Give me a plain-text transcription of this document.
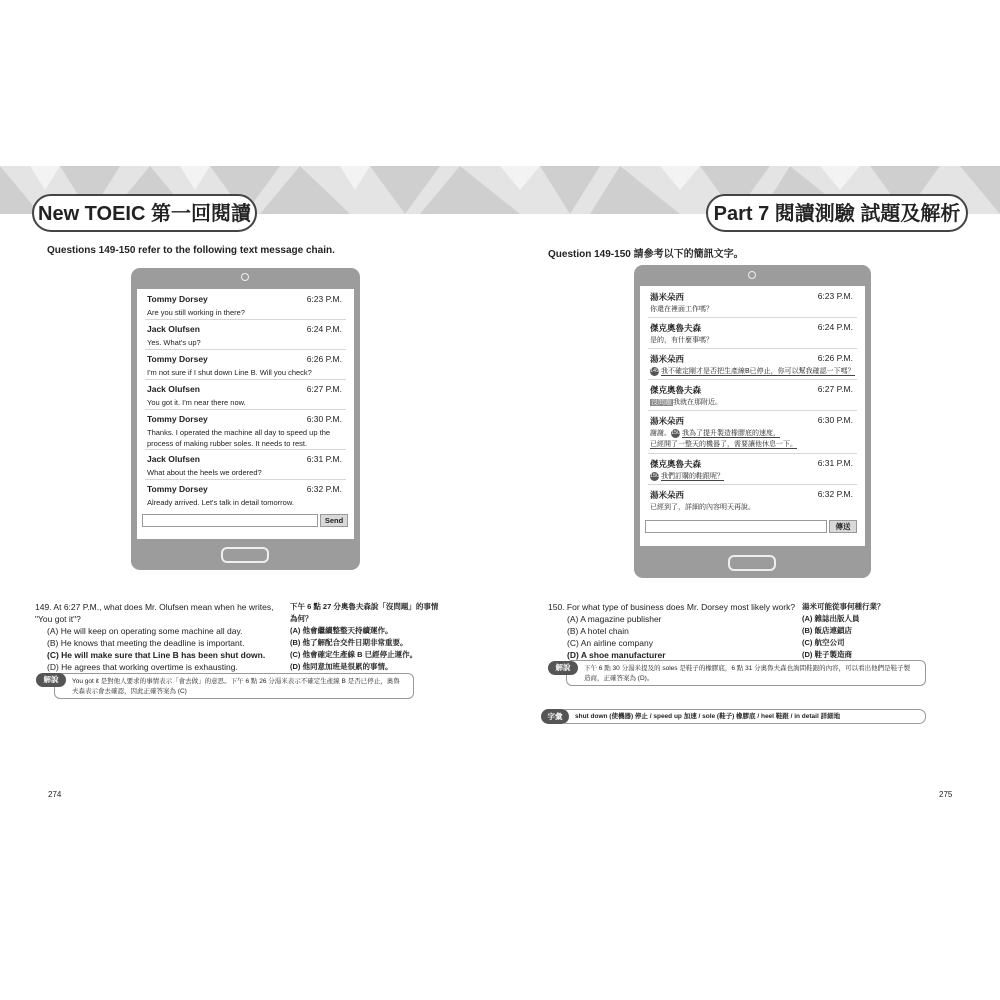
New TOEIC 第一回閱讀	Part 7 閱讀測驗 試題及解析
Questions 149-150 refer to the following text message chain.	Question 149-150 請參考以下的簡訊文字。
Tommy Dorsey	6:23 P.M.
Are you still working in there?
Jack Olufsen	6:24 P.M.
Yes. What's up?
Tommy Dorsey	6:26 P.M.
I'm not sure if I shut down Line B. Will you check?
Jack Olufsen	6:27 P.M.
You got it. I'm near there now.
Tommy Dorsey	6:30 P.M.
Thanks. I operated the machine all day to speed up the process of making rubber soles. It needs to rest.
Jack Olufsen	6:31 P.M.
What about the heels we ordered?
Tommy Dorsey	6:32 P.M.
Already arrived. Let's talk in detail tomorrow.
Send
湯米朵西	6:23 P.M.
你還在裡面工作嗎？
傑克奧魯夫森	6:24 P.M.
是的，有什麼事嗎？
湯米朵西	6:26 P.M.
149 我不確定剛才是否把生產線B已停止，你可以幫我確認一下嗎？
傑克奧魯夫森	6:27 P.M.
沒問題我就在那附近。
湯米朵西	6:30 P.M.
謝謝。150 我為了提升製造橡膠底的速度，
已經開了一整天的機器了，需要讓他休息一下。
傑克奧魯夫森	6:31 P.M.
150 我們訂購的鞋跟呢？
湯米朵西	6:32 P.M.
已經到了，詳細的內容明天再說。
傳送
149. At 6:27 P.M., what does Mr. Olufsen mean when he writes, "You got it"?
(A) He will keep on operating some machine all day.
(B) He knows that meeting the deadline is important.
(C) He will make sure that Line B has been shut down.
(D) He agrees that working overtime is exhausting.
下午 6 點 27 分奧魯夫森說「沒問題」的事情
為何？
(A) 他會繼續整整天持續運作。
(B) 他了解配合交件日期非常重要。
(C) 他會確定生產線 B 已經停止運作。
(D) 他同意加班是很累的事情。
You got it 是對他人要求的事情表示「會去做」的意思。下午 6 點 26 分湯米表示不確定生產線 B 是否已停止，奧魯
夫森表示會去確認，因此正確答案為 (C)
解說
150. For what type of business does Mr. Dorsey most likely work?
(A) A magazine publisher
(B) A hotel chain
(C) An airline company
(D) A shoe manufacturer
湯米可能從事何種行業？
(A) 雜誌出版人員
(B) 飯店連鎖店
(C) 航空公司
(D) 鞋子製造商
下午 6 點 30 分湯米提及的 soles 是鞋子的橡膠底，6 點 31 分奧魯夫森也詢問鞋跟的內容，可以看出他們是鞋子製
造商，正確答案為 (D)。
解說
shut down (使機器) 停止 / speed up 加速 / sole (鞋子) 橡膠底 / heel 鞋跟 / in detail 詳細地
字彙
274	275
